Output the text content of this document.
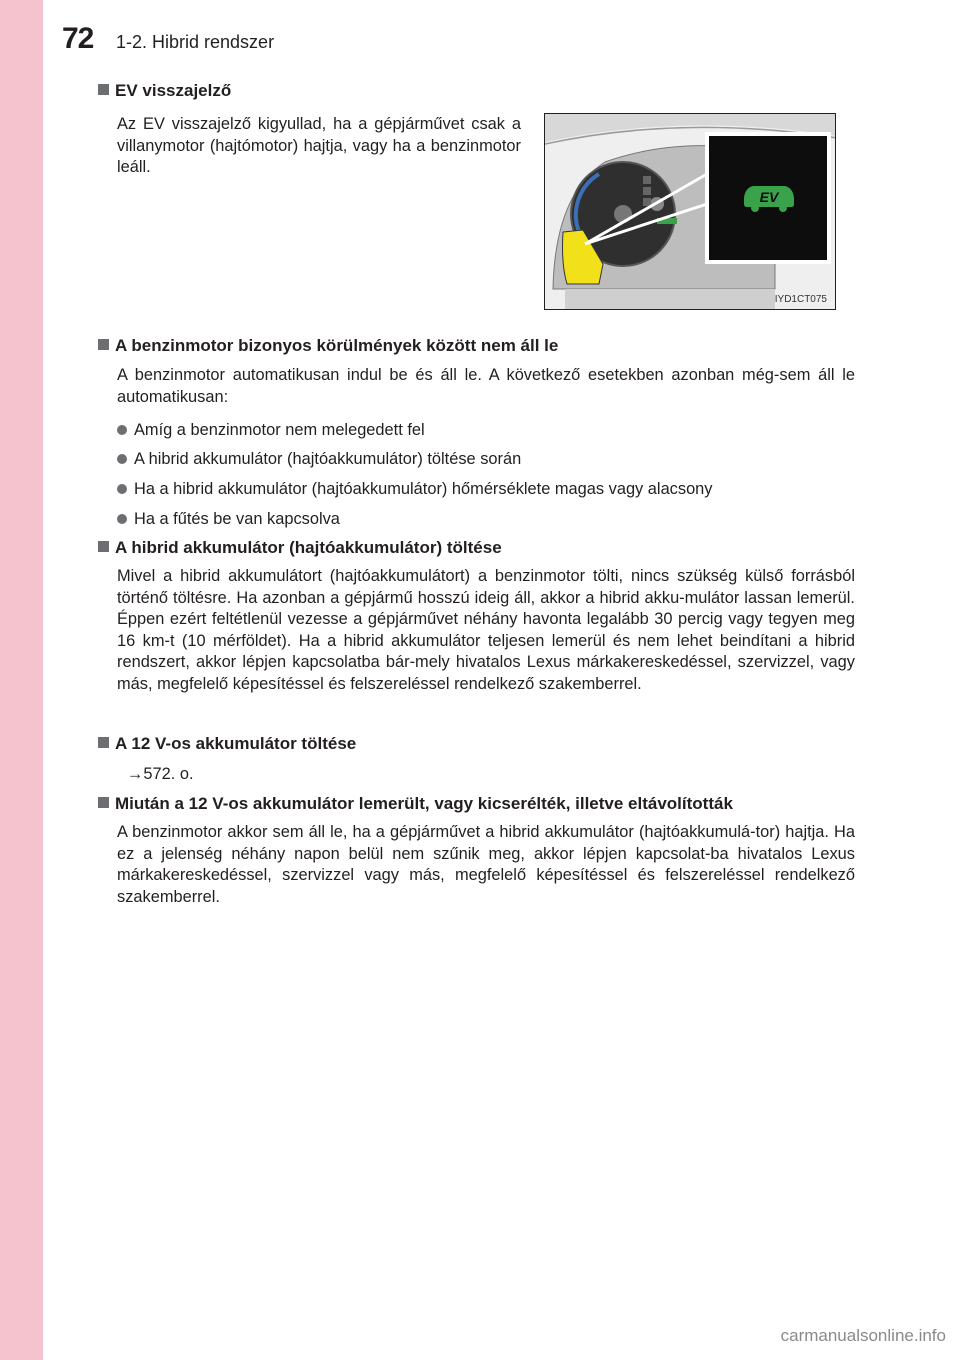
72 1-2. Hibrid rendszer
EV visszajelző
Az EV visszajelző kigyullad, ha a gépjárművet csak a villanymotor (hajtómotor) hajtja, vagy ha a benzinmotor leáll.
EV
IYD1CT075
A benzinmotor bizonyos körülmények között nem áll le
A benzinmotor automatikusan indul be és áll le. A következő esetekben azonban még-sem áll le automatikusan:
Amíg a benzinmotor nem melegedett fel
A hibrid akkumulátor (hajtóakkumulátor) töltése során
Ha a hibrid akkumulátor (hajtóakkumulátor) hőmérséklete magas vagy alacsony
Ha a fűtés be van kapcsolva
A hibrid akkumulátor (hajtóakkumulátor) töltése
Mivel a hibrid akkumulátort (hajtóakkumulátort) a benzinmotor tölti, nincs szükség külső forrásból történő töltésre. Ha azonban a gépjármű hosszú ideig áll, akkor a hibrid akku-mulátor lassan lemerül. Éppen ezért feltétlenül vezesse a gépjárművet néhány havonta legalább 30 percig vagy tegyen meg 16 km-t (10 mérföldet). Ha a hibrid akkumulátor teljesen lemerül és nem lehet beindítani a hibrid rendszert, akkor lépjen kapcsolatba bár-mely hivatalos Lexus márkakereskedéssel, szervizzel, vagy más, megfelelő képesítéssel és felszereléssel rendelkező szakemberrel.
A 12 V-os akkumulátor töltése
→572. o.
Miután a 12 V-os akkumulátor lemerült, vagy kicserélték, illetve eltávolították
A benzinmotor akkor sem áll le, ha a gépjárművet a hibrid akkumulátor (hajtóakkumulá-tor) hajtja. Ha ez a jelenség néhány napon belül nem szűnik meg, akkor lépjen kapcsolat-ba hivatalos Lexus márkakereskedéssel, szervizzel vagy más, megfelelő képesítéssel és felszereléssel rendelkező szakemberrel.
carmanualsonline.info
